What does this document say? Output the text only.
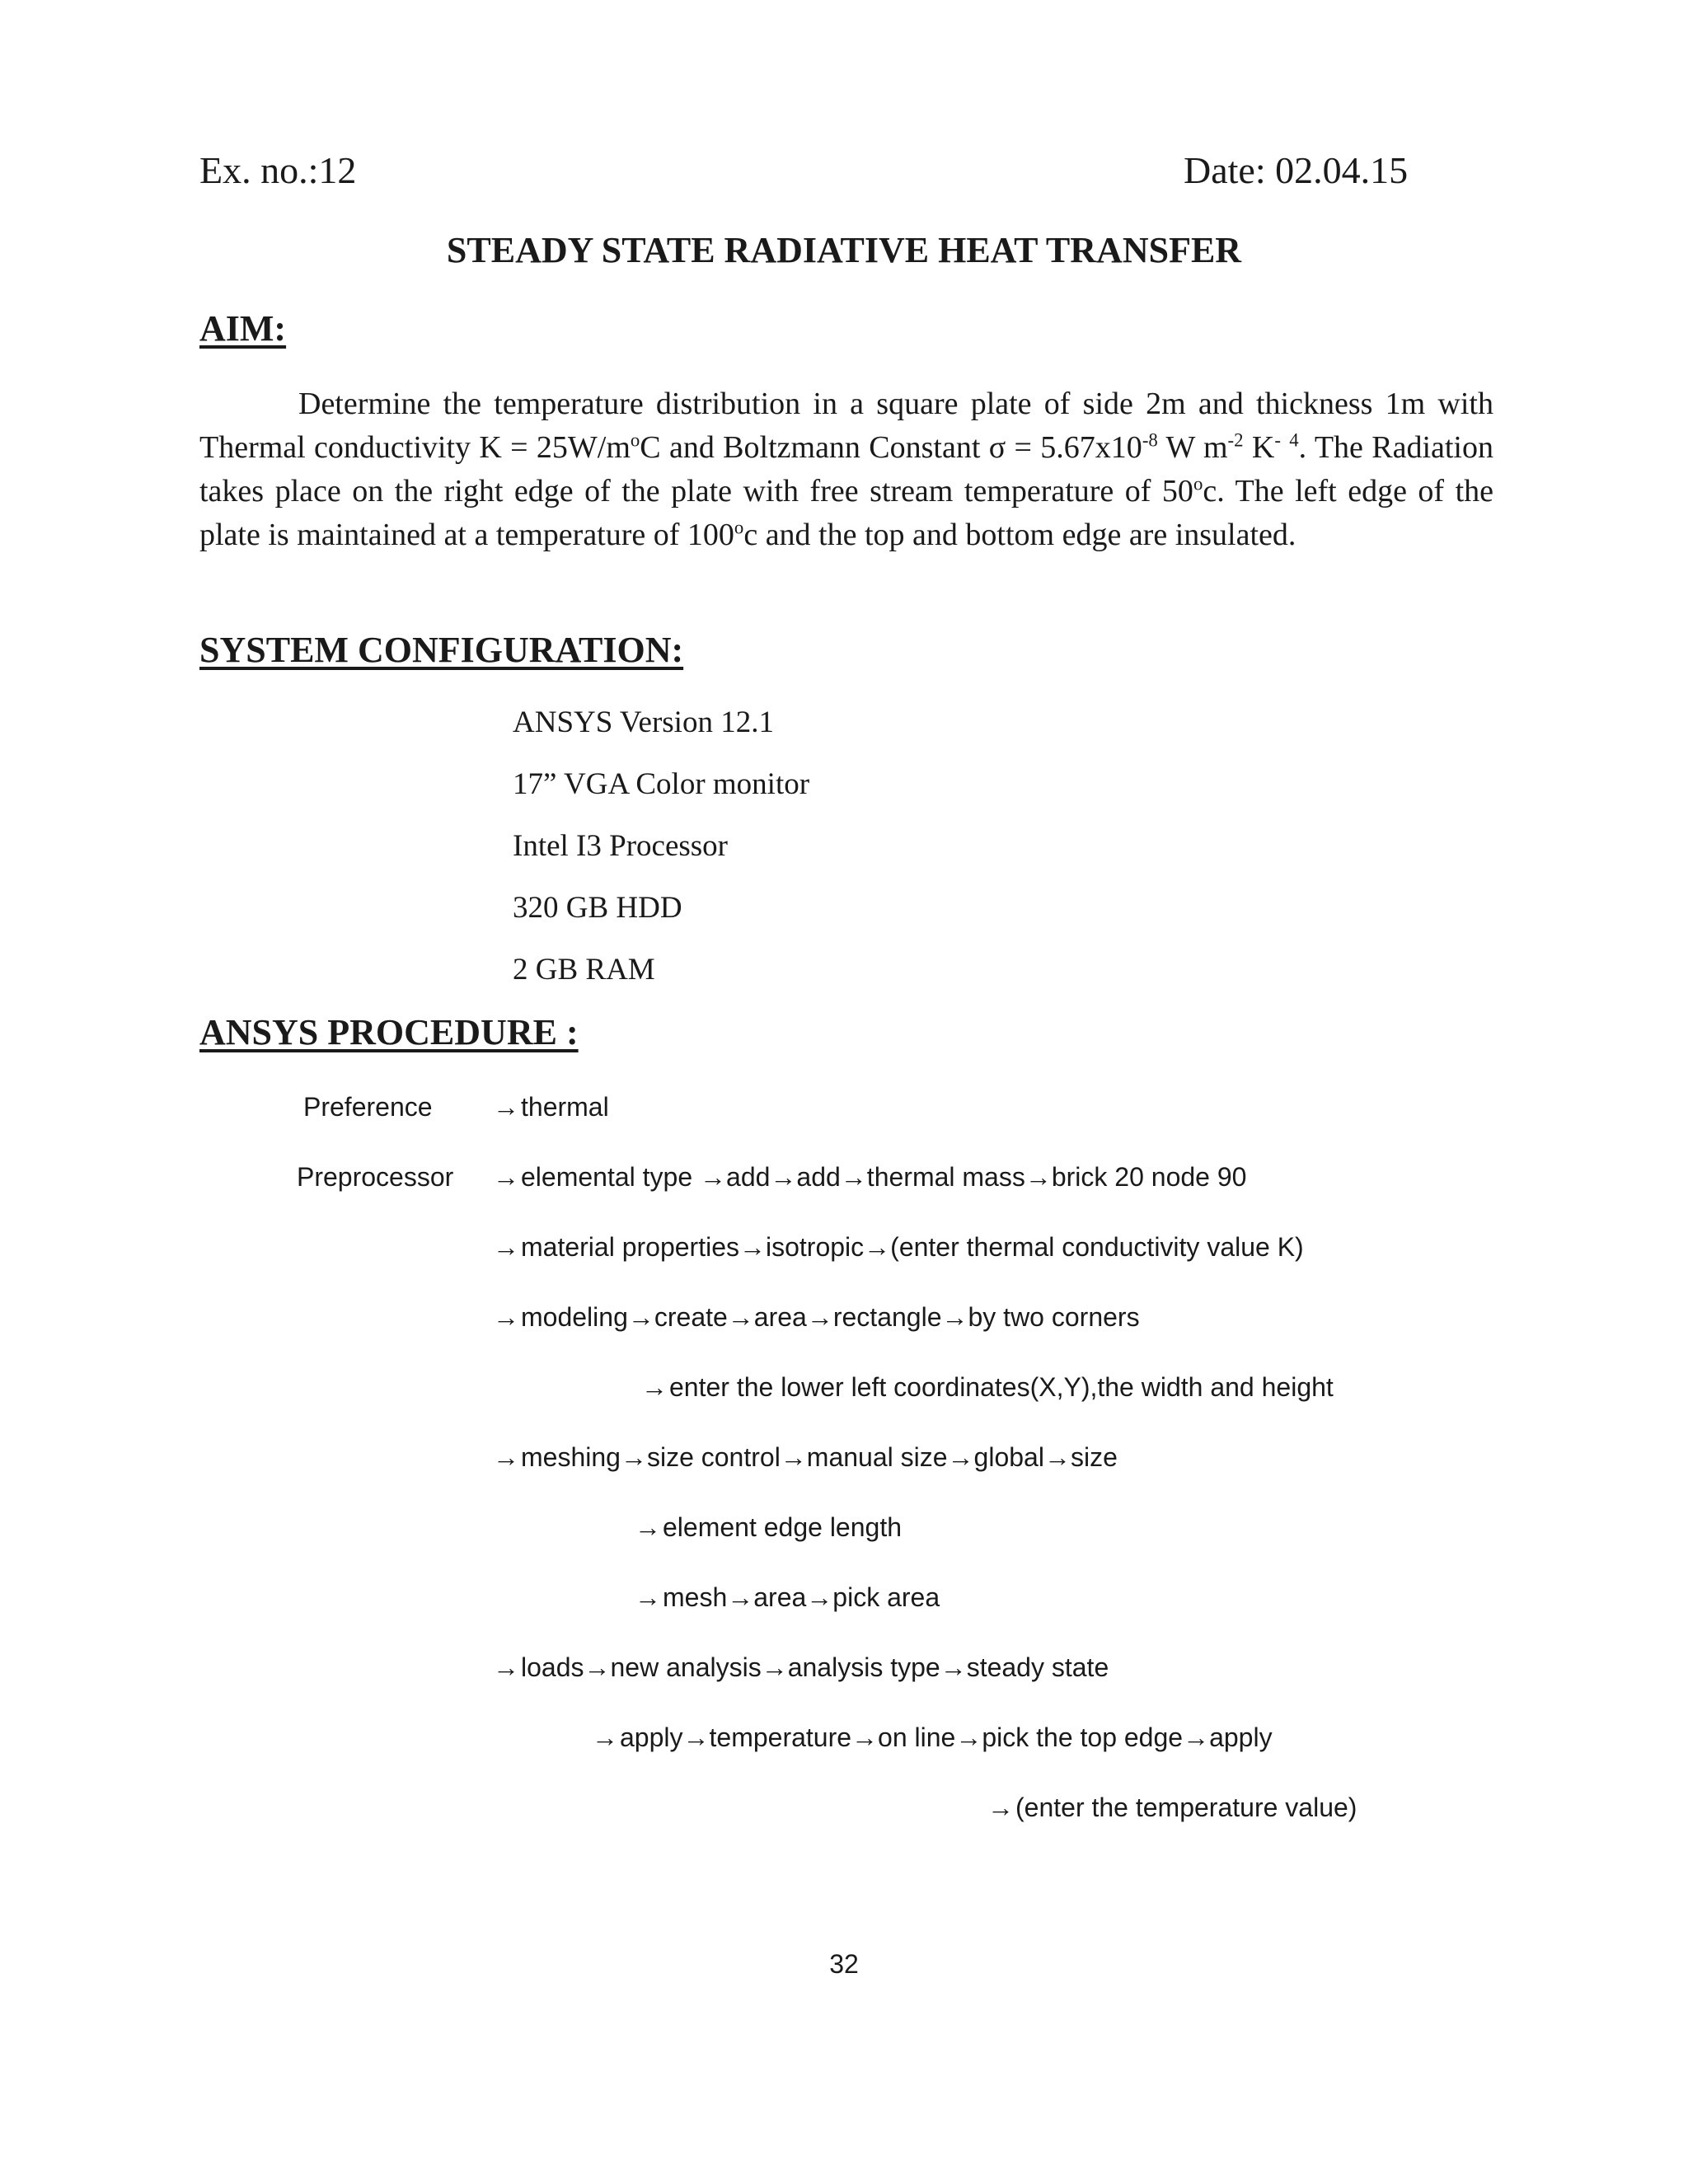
Ex. no.:12	Date: 02.04.15
STEADY STATE RADIATIVE HEAT TRANSFER
AIM:

Determine the temperature distribution in a square plate of side 2m and thickness 1m with Thermal conductivity $K = 25W/m^oC$ and Boltzmann Constant $\sigma = 5.67x10^{-8}$ W $m^{-2}$ K- $^4$. The Radiation takes place on the right edge of the plate with free stream temperature of 50$^o$c. The left edge of the plate is maintained at a temperature of 100$^o$c and the top and bottom edge are insulated.

SYSTEM CONFIGURATION:
ANSYS Version 12.1
17” VGA Color monitor
Intel I3 Processor
320 GB HDD
2 GB RAM
ANSYS PROCEDURE :
Preference →thermal
Preprocessor →elemental type →add→add→thermal mass→brick 20 node 90
→material properties→isotropic→(enter thermal conductivity value K)
→modeling→create→area→rectangle→by two corners
→enter the lower left coordinates(X,Y),the width and height
→meshing→size control→manual size→global→size
→element edge length
→mesh→area→pick area
→loads→new analysis→analysis type→steady state
→apply→temperature→on line→pick the top edge→apply
→(enter the temperature value)
32
